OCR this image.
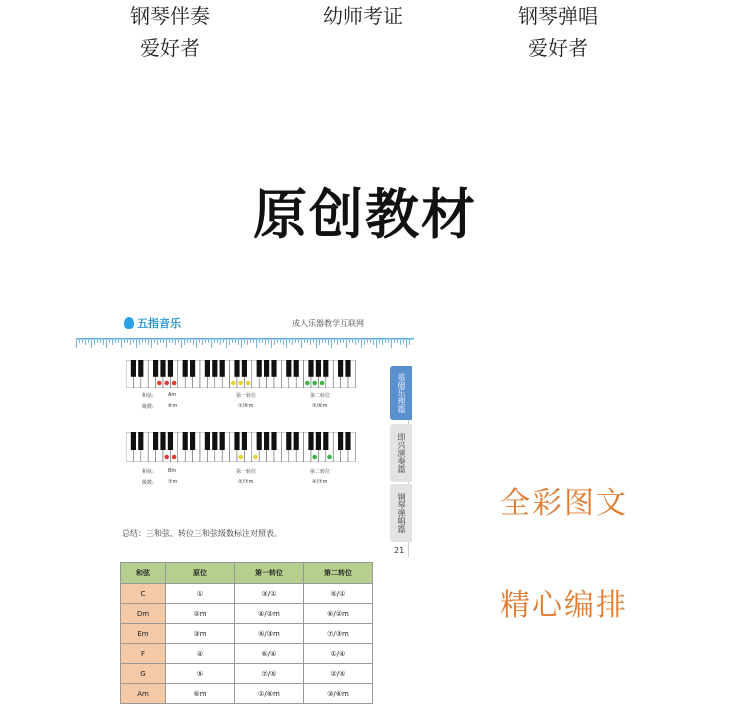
钢琴伴奏
爱好者
幼师考证	钢琴弹唱
爱好者
原创教材
全彩图文
精心编排
五指音乐	成人乐器教学互联网
和弦:
级数:
Am
⑥m
第一转位
①/⑥m
第二转位
③/⑥m
和弦:
级数:
Bm
⑦m
第一转位
②/⑦m
第二转位
④/⑦m
基础乐理篇
即兴演奏篇
钢琴弹唱篇
总结：三和弦、转位三和弦级数标注对照表。
21
和弦	原位	第一转位	第二转位
C	①	③/①	⑤/①
Dm	②m	④/②m	⑥/②m
Em	③m	⑤/③m	⑦/③m
F	④	⑥/④	①/④
G	⑤	⑦/⑤	②/⑤
Am	⑥m	①/⑥m	③/⑥m
